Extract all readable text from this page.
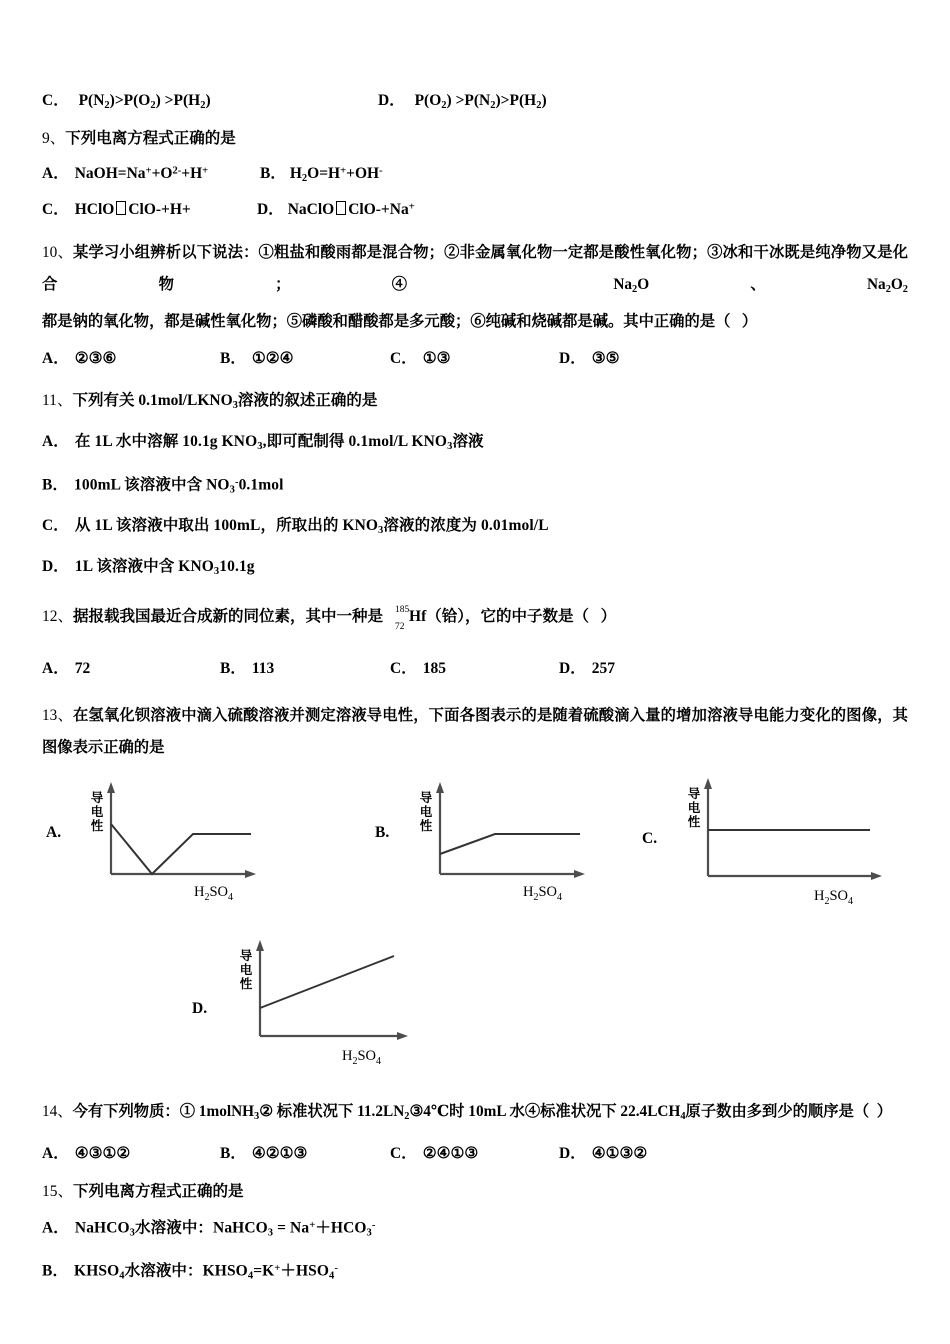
C． $P(N_2)>P(O_2) >P(H_2)$	D． $P(O_2) >P(N_2)>P(H_2)$
9、下列电离方程式正确的是
A． $NaOH=Na^++O^{2-}+H^+$	B． $H_2O=H^++OH^-$
C． HClO ClO-+H+	D． NaClO ClO-+Na+
10、某学习小组辨析以下说法：①粗盐和酸雨都是混合物；②非金属氧化物一定都是酸性氧化物；③冰和干冰既是纯净物又是化合物；④ $Na_2O$、$Na_2O_2$都是钠的氧化物，都是碱性氧化物；⑤磷酸和醋酸都是多元酸；⑥纯碱和烧碱都是碱。其中正确的是（   ）
A． ②③⑥	B． ①②④	C． ①③	D． ③⑤
11、下列有关 $0.1mol/LKNO_3$溶液的叙述正确的是
A． 在 1L 水中溶解 10.1g $KNO_3$,即可配制得 0.1mol/L $KNO_3$溶液
B． 100mL 该溶液中含 $NO_3^-0.1mol$
C． 从 1L 该溶液中取出 100mL，所取出的 $KNO_3$溶液的浓度为 0.01mol/L
D． 1L 该溶液中含 $KNO_310.1g$
12、据报载我国最近合成新的同位素，其中一种是 185
72
Hf（铪），它的中子数是（   ）
A． 72	B． 113	C． 185	D． 257
13、在氢氧化钡溶液中滴入硫酸溶液并测定溶液导电性，下面各图表示的是随着硫酸滴入量的增加溶液导电能力变化的图像，其图像表示正确的是
A.
导
电
性
$H_2SO_4$
B.
导
电
性
$H_2SO_4$
C.
导
电
性
$H_2SO_4$
D.
导
电
性
$H_2SO_4$
14、今有下列物质：① 1molNH$_3$② 标准状况下 $11.2LN_2③4℃$时 10mL 水④标准状况下 $22.4LCH_4$原子数由多到少的顺序是（  ）
A． ④③①②	B． ④②①③	C． ②④①③	D． ④①③②
15、下列电离方程式正确的是
A． NaHCO$_3$水溶液中：NaHCO$_3$ = $Na^++HCO_3^-$
B． $KHSO_4$水溶液中：$KHSO_4=K^++HSO_4^-$
